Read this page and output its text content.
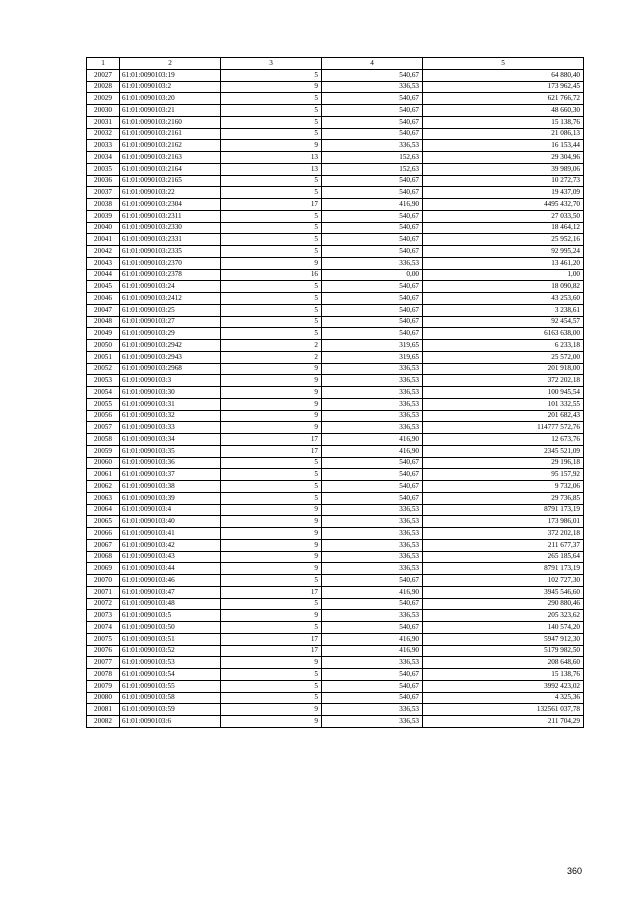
1	2	3	4	5
20027	61:01:0090103:19	5	540,67	64 880,40
20028	61:01:0090103:2	9	336,53	173 962,45
20029	61:01:0090103:20	5	540,67	621 766,72
20030	61:01:0090103:21	5	540,67	48 660,30
20031	61:01:0090103:2160	5	540,67	15 138,76
20032	61:01:0090103:2161	5	540,67	21 086,13
20033	61:01:0090103:2162	9	336,53	16 153,44
20034	61:01:0090103:2163	13	152,63	29 304,96
20035	61:01:0090103:2164	13	152,63	39 989,06
20036	61:01:0090103:2165	5	540,67	10 272,73
20037	61:01:0090103:22	5	540,67	19 437,09
20038	61:01:0090103:2304	17	416,90	4495 432,70
20039	61:01:0090103:2311	5	540,67	27 033,50
20040	61:01:0090103:2330	5	540,67	18 464,12
20041	61:01:0090103:2331	5	540,67	25 952,16
20042	61:01:0090103:2335	5	540,67	92 995,24
20043	61:01:0090103:2370	9	336,53	13 461,20
20044	61:01:0090103:2378	16	0,00	1,00
20045	61:01:0090103:24	5	540,67	18 090,82
20046	61:01:0090103:2412	5	540,67	43 253,60
20047	61:01:0090103:25	5	540,67	3 238,61
20048	61:01:0090103:27	5	540,67	92 454,57
20049	61:01:0090103:29	5	540,67	6163 638,00
20050	61:01:0090103:2942	2	319,65	6 233,18
20051	61:01:0090103:2943	2	319,65	25 572,00
20052	61:01:0090103:2968	9	336,53	201 918,00
20053	61:01:0090103:3	9	336,53	372 202,18
20054	61:01:0090103:30	9	336,53	100 945,54
20055	61:01:0090103:31	9	336,53	101 332,55
20056	61:01:0090103:32	9	336,53	201 682,43
20057	61:01:0090103:33	9	336,53	114777 572,76
20058	61:01:0090103:34	17	416,90	12 673,76
20059	61:01:0090103:35	17	416,90	2345 521,09
20060	61:01:0090103:36	5	540,67	29 196,18
20061	61:01:0090103:37	5	540,67	95 157,92
20062	61:01:0090103:38	5	540,67	9 732,06
20063	61:01:0090103:39	5	540,67	29 736,85
20064	61:01:0090103:4	9	336,53	8791 173,19
20065	61:01:0090103:40	9	336,53	173 986,01
20066	61:01:0090103:41	9	336,53	372 202,18
20067	61:01:0090103:42	9	336,53	211 677,37
20068	61:01:0090103:43	9	336,53	265 185,64
20069	61:01:0090103:44	9	336,53	8791 173,19
20070	61:01:0090103:46	5	540,67	102 727,30
20071	61:01:0090103:47	17	416,90	3945 546,60
20072	61:01:0090103:48	5	540,67	290 880,46
20073	61:01:0090103:5	9	336,53	205 323,62
20074	61:01:0090103:50	5	540,67	140 574,20
20075	61:01:0090103:51	17	416,90	5947 912,30
20076	61:01:0090103:52	17	416,90	5179 982,50
20077	61:01:0090103:53	9	336,53	208 648,60
20078	61:01:0090103:54	5	540,67	15 138,76
20079	61:01:0090103:55	5	540,67	3992 423,02
20080	61:01:0090103:58	5	540,67	4 325,36
20081	61:01:0090103:59	9	336,53	132561 037,78
20082	61:01:0090103:6	9	336,53	211 704,29
360
